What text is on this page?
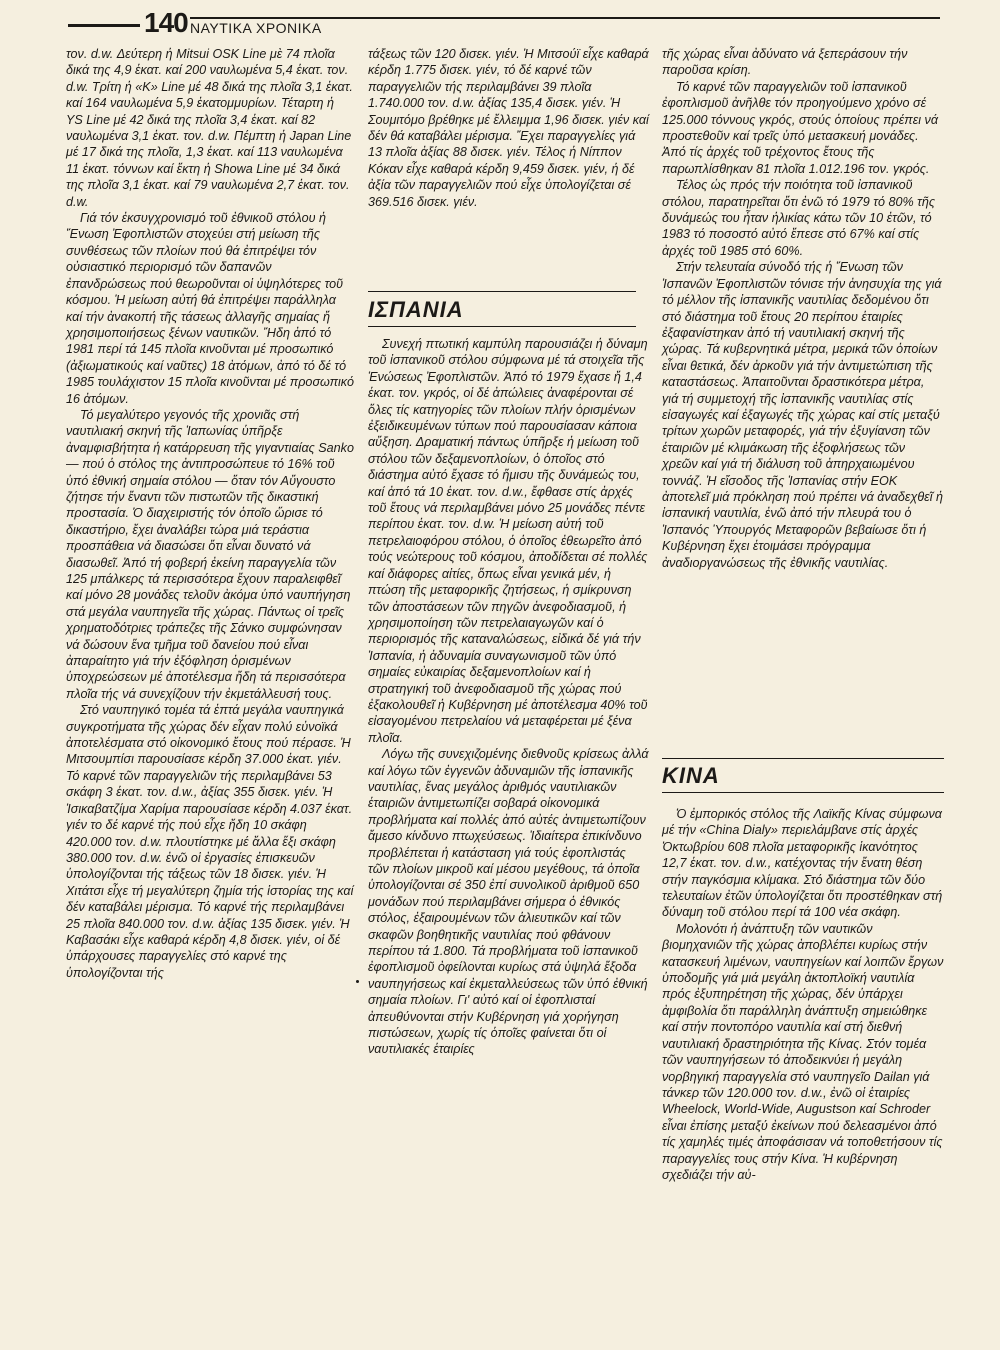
140 ΝΑΥΤΙΚΑ ΧΡΟΝΙΚΑ

τον. d.w. Δεύτερη ἡ Mitsui OSK Line μὲ 74 πλοῖα δικά της 4,9 ἑκατ. καί 200 ναυλωμένα 5,4 ἑκατ. τον. d.w. Τρίτη ἡ «Κ» Line μέ 48 δικά της πλοῖα 3,1 ἑκατ. καί 164 ναυλωμένα 5,9 ἑκατομμυρίων. Τέταρτη ἡ YS Line μέ 42 δικά της πλοῖα 3,4 ἑκατ. καί 82 ναυλωμένα 3,1 ἑκατ. τον. d.w. Πέμπτη ἡ Japan Line μέ 17 δικά της πλοῖα, 1,3 ἑκατ. καί 113 ναυλωμένα 11 ἑκατ. τόννων καί ἕκτη ἡ Showa Line μέ 34 δικά της πλοῖα 3,1 ἑκατ. καί 79 ναυλωμένα 2,7 ἑκατ. τον. d.w.

Γιά τόν ἐκσυγχρονισμό τοῦ ἐθνικοῦ στόλου ἡ Ἕνωση Ἐφοπλιστῶν στοχεύει στή μείωση τῆς συνθέσεως τῶν πλοίων πού θά ἐπιτρέψει τόν οὐσιαστικό περιορισμό τῶν δαπανῶν ἐπανδρώσεως πού θεωροῦνται οἱ ὑψηλότερες τοῦ κόσμου. Ἡ μείωση αὐτή θά ἐπιτρέψει παράλληλα καί τήν ἀνακοπή τῆς τάσεως ἀλλαγῆς σημαίας ἤ χρησιμοποιήσεως ξένων ναυτικῶν. Ἤδη ἀπό τό 1981 περί τά 145 πλοῖα κινοῦνται μέ προσωπικό (ἀξιωματικούς καί ναῦτες) 18 ἀτόμων, ἀπό τό δέ τό 1985 τουλάχιστον 15 πλοῖα κινοῦνται μέ προσωπικό 16 ἀτόμων.

Τό μεγαλύτερο γεγονός τῆς χρονιᾶς στή ναυτιλιακή σκηνή τῆς Ἰαπωνίας ὑπῆρξε ἀναμφισβήτητα ἡ κατάρρευση τῆς γιγαντιαίας Sanko — πού ὁ στόλος της ἀντιπροσώπευε τό 16% τοῦ ὑπό ἐθνική σημαία στόλου — ὅταν τόν Αὔγουστο ζήτησε τήν ἔναντι τῶν πιστωτῶν τῆς δικαστική προστασία. Ὁ διαχειριστής τόν ὁποῖο ὥρισε τό δικαστήριο, ἔχει ἀναλάβει τώρα μιά τεράστια προσπάθεια νά διασώσει ὅτι εἶναι δυνατό νά διασωθεῖ. Ἀπό τή φοβερή ἐκείνη παραγγελία τῶν 125 μπάλκερς τά περισσότερα ἔχουν παραλειφθεῖ καί μόνο 28 μονάδες τελοῦν ἀκόμα ὑπό ναυπήγηση στά μεγάλα ναυπηγεῖα τῆς χώρας. Πάντως οἱ τρεῖς χρηματοδότριες τράπεζες τῆς Σάνκο συμφώνησαν νά δώσουν ἕνα τμῆμα τοῦ δανείου πού εἶναι ἀπαραίτητο γιά τήν ἐξόφληση ὁρισμένων ὑποχρεώσεων μέ ἀποτέλεσμα ἤδη τά περισσότερα πλοῖα τής νά συνεχίζουν τήν ἐκμετάλλευσή τους.

Στό ναυπηγικό τομέα τά ἑπτά μεγάλα ναυπηγικά συγκροτήματα τῆς χώρας δέν εἶχαν πολύ εὐνοϊκά ἀποτελέσματα στό οἰκονομικό ἔτους πού πέρασε. Ἡ Μιτσουμπίσι παρουσίασε κέρδη 37.000 ἑκατ. γιέν. Τό καρνέ τῶν παραγγελιῶν τής περιλαμβάνει 53 σκάφη 3 ἑκατ. τον. d.w., ἀξίας 355 δισεκ. γιέν. Ἡ Ἰσικαβατζίμα Χαρίμα παρουσίασε κέρδη 4.037 ἑκατ. γιέν το δέ καρνέ τής πού εἶχε ἤδη 10 σκάφη 420.000 τον. d.w. πλουτίστηκε μέ ἄλλα ἕξι σκάφη 380.000 τον. d.w. ἐνῶ οἱ ἐργασίες ἐπισκευῶν ὑπολογίζονται τής τάξεως τῶν 18 δισεκ. γιέν. Ἡ Χιτάτσι εἶχε τή μεγαλύτερη ζημία τής ἱστορίας της καί δέν καταβάλει μέρισμα. Τό καρνέ τής περιλαμβάνει 25 πλοῖα 840.000 τον. d.w. ἀξίας 135 δισεκ. γιέν. Ἡ Καβασάκι εἶχε καθαρά κέρδη 4,8 δισεκ. γιέν, οἱ δέ ὑπάρχουσες παραγγελίες στό καρνέ της ὑπολογίζονται τής

τάξεως τῶν 120 δισεκ. γιέν. Ἡ Μιτσούϊ εἶχε καθαρά κέρδη 1.775 δισεκ. γιέν, τό δέ καρνέ τῶν παραγγελιῶν τής περιλαμβάνει 39 πλοῖα 1.740.000 τον. d.w. ἀξίας 135,4 δισεκ. γιέν. Ἡ Σουμιτόμο βρέθηκε μέ ἔλλειμμα 1,96 δισεκ. γιέν καί δέν θά καταβάλει μέρισμα. Ἔχει παραγγελίες γιά 13 πλοῖα ἀξίας 88 δισεκ. γιέν. Τέλος ἡ Νίππον Κόκαν εἶχε καθαρά κέρδη 9,459 δισεκ. γιέν, ἡ δέ ἀξία τῶν παραγγελιῶν πού εἶχε ὑπολογίζεται σέ 369.516 δισεκ. γιέν.

ΙΣΠΑΝΙΑ

Συνεχή πτωτική καμπύλη παρουσιάζει ἡ δύναμη τοῦ ἰσπανικοῦ στόλου σύμφωνα μέ τά στοιχεῖα τῆς Ἑνώσεως Ἐφοπλιστῶν. Ἀπό τό 1979 ἔχασε ἤ 1,4 ἑκατ. τον. γκρός, οἱ δέ ἀπώλειες ἀναφέρονται σέ ὅλες τίς κατηγορίες τῶν πλοίων πλήν ὁρισμένων ἐξειδικευμένων τύπων πού παρουσίασαν κάποια αὔξηση. Δραματική πάντως ὑπῆρξε ἡ μείωση τοῦ στόλου τῶν δεξαμενοπλοίων, ὁ ὁποῖος στό διάστημα αὐτό ἔχασε τό ἥμισυ τῆς δυνάμεώς του, καί ἀπό τά 10 ἑκατ. τον. d.w., ἔφθασε στίς ἀρχές τοῦ ἔτους νά περιλαμβάνει μόνο 25 μονάδες πέντε περίπου ἑκατ. τον. d.w. Ἡ μείωση αὐτή τοῦ πετρελαιοφόρου στόλου, ὁ ὁποῖος ἐθεωρεῖτο ἀπό τούς νεώτερους τοῦ κόσμου, ἀποδίδεται σέ πολλές καί διάφορες αἰτίες, ὅπως εἶναι γενικά μέν, ἡ πτώση τῆς μεταφορικῆς ζητήσεως, ἡ σμίκρυνση τῶν ἀποστάσεων τῶν πηγῶν ἀνεφοδιασμοῦ, ἡ χρησιμοποίηση τῶν πετρελαιαγωγῶν καί ὁ περιορισμός τῆς καταναλώσεως, εἰδικά δέ γιά τήν Ἰσπανία, ἡ ἀδυναμία συναγωνισμοῦ τῶν ὑπό σημαίες εὐκαιρίας δεξαμενοπλοίων καί ἡ στρατηγική τοῦ ἀνεφοδιασμοῦ τῆς χώρας πού ἐξακολουθεῖ ἡ Κυβέρνηση μέ ἀποτέλεσμα 40% τοῦ εἰσαγομένου πετρελαίου νά μεταφέρεται μέ ξένα πλοῖα.

Λόγω τῆς συνεχιζομένης διεθνοῦς κρίσεως ἀλλά καί λόγω τῶν ἐγγενῶν ἀδυναμιῶν τῆς ἰσπανικῆς ναυτιλίας, ἕνας μεγάλος ἀριθμός ναυτιλιακῶν ἑταιριῶν ἀντιμετωπίζει σοβαρά οἰκονομικά προβλήματα καί πολλές ἀπό αὐτές ἀντιμετωπίζουν ἄμεσο κίνδυνο πτωχεύσεως. Ἰδιαίτερα ἐπικίνδυνο προβλέπεται ἡ κατάσταση γιά τούς ἐφοπλιστάς τῶν πλοίων μικροῦ καί μέσου μεγέθους, τά ὁποῖα ὑπολογίζονται σέ 350 ἐπί συνολικοῦ ἀριθμοῦ 650 μονάδων πού περιλαμβάνει σήμερα ὁ ἐθνικός στόλος, ἐξαιρουμένων τῶν ἁλιευτικῶν καί τῶν σκαφῶν βοηθητικῆς ναυτιλίας πού φθάνουν περίπου τά 1.800. Τά προβλήματα τοῦ ἰσπανικοῦ ἐφοπλισμοῦ ὀφείλονται κυρίως στά ὑψηλά ἔξοδα ναυπηγήσεως καί ἐκμεταλλεύσεως τῶν ὑπό ἐθνική σημαία πλοίων. Γι' αὐτό καί οἱ ἐφοπλισταί ἀπευθύνονται στήν Κυβέρνηση γιά χορήγηση πιστώσεων, χωρίς τίς ὁποῖες φαίνεται ὅτι οἱ ναυτιλιακές ἑταιρίες

τῆς χώρας εἶναι ἀδύνατο νά ξεπεράσουν τήν παροῦσα κρίση.

Τό καρνέ τῶν παραγγελιῶν τοῦ ἰσπανικοῦ ἐφοπλισμοῦ ἀνῆλθε τόν προηγούμενο χρόνο σέ 125.000 τόννους γκρός, στούς ὁποίους πρέπει νά προστεθοῦν καί τρεῖς ὑπό μετασκευή μονάδες. Ἀπό τίς ἀρχές τοῦ τρέχοντος ἔτους τῆς παρωπλίσθηκαν 81 πλοῖα 1.012.196 τον. γκρός.

Τέλος ὡς πρός τήν ποιότητα τοῦ ἰσπανικοῦ στόλου, παρατηρεῖται ὅτι ἐνῶ τό 1979 τό 80% τῆς δυνάμεώς του ἦταν ἡλικίας κάτω τῶν 10 ἐτῶν, τό 1983 τό ποσοστό αὐτό ἔπεσε στό 67% καί στίς ἀρχές τοῦ 1985 στό 60%.

Στήν τελευταία σύνοδό τής ἡ Ἕνωση τῶν Ἰσπανῶν Ἐφοπλιστῶν τόνισε τήν ἀνησυχία της γιά τό μέλλον τῆς ἰσπανικῆς ναυτιλίας δεδομένου ὅτι στό διάστημα τοῦ ἔτους 20 περίπου ἑταιρίες ἐξαφανίστηκαν ἀπό τή ναυτιλιακή σκηνή τῆς χώρας. Τά κυβερνητικά μέτρα, μερικά τῶν ὁποίων εἶναι θετικά, δέν ἀρκοῦν γιά τήν ἀντιμετώπιση τῆς καταστάσεως. Ἀπαιτοῦνται δραστικότερα μέτρα, γιά τή συμμετοχή τῆς ἰσπανικῆς ναυτιλίας στίς εἰσαγωγές καί ἐξαγωγές τῆς χώρας καί στίς μεταξύ τρίτων χωρῶν μεταφορές, γιά τήν ἐξυγίανση τῶν ἑταιριῶν μέ κλιμάκωση τῆς ἐξοφλήσεως τῶν χρεῶν καί γιά τή διάλυση τοῦ ἀπηρχαιωμένου τοννάζ. Ἡ εἴσοδος τῆς Ἰσπανίας στήν ΕΟΚ ἀποτελεῖ μιά πρόκληση πού πρέπει νά ἀναδεχθεῖ ἡ ἰσπανική ναυτιλία, ἐνῶ ἀπό τήν πλευρά του ὁ Ἰσπανός Ὑπουργός Μεταφορῶν βεβαίωσε ὅτι ἡ Κυβέρνηση ἔχει ἑτοιμάσει πρόγραμμα ἀναδιοργανώσεως τῆς ἐθνικῆς ναυτιλίας.

ΚΙΝΑ

Ὁ ἐμπορικός στόλος τῆς Λαϊκῆς Κίνας σύμφωνα μέ τήν «China Dialy» περιελάμβανε στίς ἀρχές Ὀκτωβρίου 608 πλοῖα μεταφορικῆς ἱκανότητος 12,7 ἑκατ. τον. d.w., κατέχοντας τήν ἔνατη θέση στήν παγκόσμια κλίμακα. Στό διάστημα τῶν δύο τελευταίων ἐτῶν ὑπολογίζεται ὅτι προστέθηκαν στή δύναμη τοῦ στόλου περί τά 100 νέα σκάφη.

Μολονότι ἡ ἀνάπτυξη τῶν ναυτικῶν βιομηχανιῶν τῆς χώρας ἀποβλέπει κυρίως στήν κατασκευή λιμένων, ναυπηγείων καί λοιπῶν ἔργων ὑποδομῆς γιά μιά μεγάλη ἀκτοπλοϊκή ναυτιλία πρός ἐξυπηρέτηση τῆς χώρας, δέν ὑπάρχει ἀμφιβολία ὅτι παράλληλη ἀνάπτυξη σημειώθηκε καί στήν ποντοπόρο ναυτιλία καί στή διεθνή ναυτιλιακή δραστηριότητα τῆς Κίνας. Στόν τομέα τῶν ναυπηγήσεων τό ἀποδεικνύει ἡ μεγάλη νορβηγική παραγγελία στό ναυπηγεῖο Dailan γιά τάνκερ τῶν 120.000 τον. d.w., ἐνῶ οἱ ἑταιρίες Wheelock, World-Wide, Augustson καί Schroder εἶναι ἐπίσης μεταξύ ἐκείνων πού δελεασμένοι ἀπό τίς χαμηλές τιμές ἀποφάσισαν νά τοποθετήσουν τίς παραγγελίες τους στήν Κίνα. Ἡ κυβέρνηση σχεδιάζει τήν αὐ-
